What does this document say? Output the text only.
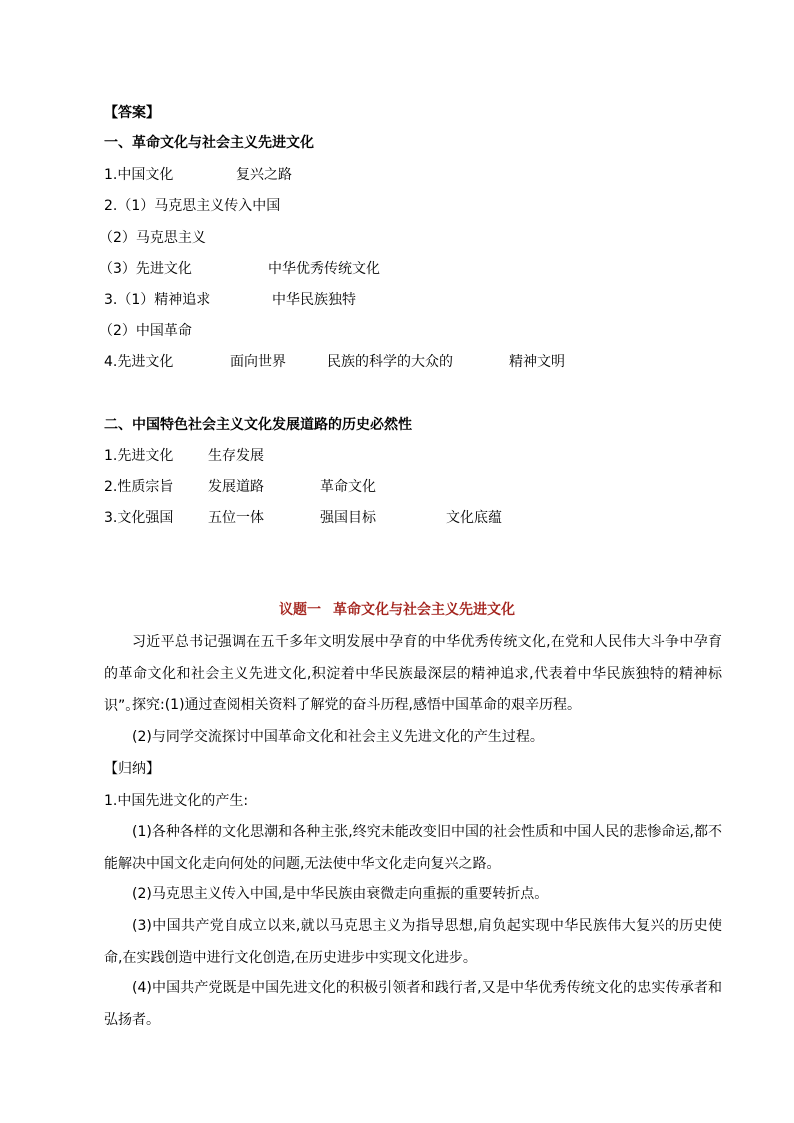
【答案】
一、革命文化与社会主义先进文化
1.中国文化	复兴之路
2.（1）马克思主义传入中国
（2）马克思主义
（3）先进文化	中华优秀传统文化
3.（1）精神追求	中华民族独特
（2）中国革命
4.先进文化	面向世界	民族的科学的大众的	精神文明
二、中国特色社会主义文化发展道路的历史必然性
1.先进文化 生存发展
2.性质宗旨 发展道路	革命文化
3.文化强国 五位一体	强国目标	文化底蕴
议题一 革命文化与社会主义先进文化
习近平总书记强调在五千多年文明发展中孕育的中华优秀传统文化,在党和人民伟大斗争中孕育的革命文化和社会主义先进文化,积淀着中华民族最深层的精神追求,代表着中华民族独特的精神标识”。
探究:(1)通过查阅相关资料了解党的奋斗历程,感悟中国革命的艰辛历程。
(2)与同学交流探讨中国革命文化和社会主义先进文化的产生过程。
【归纳】
1.中国先进文化的产生:
(1)各种各样的文化思潮和各种主张,终究未能改变旧中国的社会性质和中国人民的悲惨命运,都不能解决中国文化走向何处的问题,无法使中华文化走向复兴之路。
(2)马克思主义传入中国,是中华民族由衰微走向重振的重要转折点。
(3)中国共产党自成立以来,就以马克思主义为指导思想,肩负起实现中华民族伟大复兴的历史使命,在实践创造中进行文化创造,在历史进步中实现文化进步。
(4)中国共产党既是中国先进文化的积极引领者和践行者,又是中华优秀传统文化的忠实传承者和弘扬者。
